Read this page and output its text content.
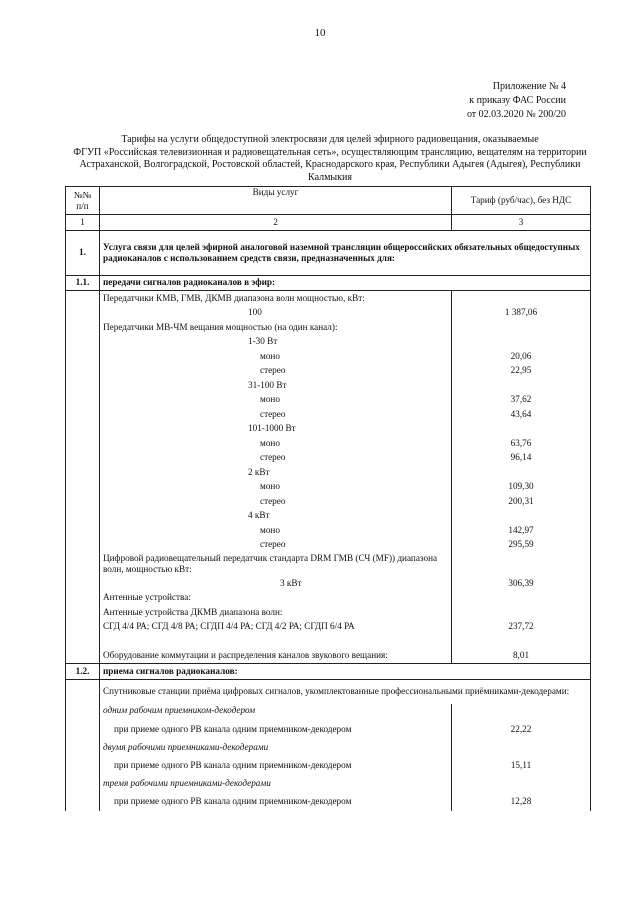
10
Приложение № 4
к приказу ФАС России
от 02.03.2020 № 200/20
Тарифы на услуги общедоступной электросвязи для целей эфирного радиовещания, оказываемые
ФГУП «Российская телевизионная и радиовещательная сеть», осуществляющим трансляцию, вещателям на территории
Астраханской, Волгоградской, Ростовской областей, Краснодарского края, Республики Адыгея (Адыгея), Республики
Калмыкия
№№ п/п	Виды услуг	Тариф (руб/час), без НДС
1	2	3
1.	Услуга связи для целей эфирной аналоговой наземной трансляции общероссийских обязательных общедоступных радиоканалов с использованием средств связи, предназначенных для:	
1.1.	передачи сигналов радиоканалов в эфир:	
	Передатчики КМВ, ГМВ, ДКМВ диапазона волн мощностью, кВт:	
	100	1 387,06
	Передатчики МВ-ЧМ вещания мощностью (на один канал):	
	1-30 Вт	
	моно	20,06
	стерео	22,95
	31-100 Вт	
	моно	37,62
	стерео	43,64
	101-1000 Вт	
	моно	63,76
	стерео	96,14
	2 кВт	
	моно	109,30
	стерео	200,31
	4 кВт	
	моно	142,97
	стерео	295,59
	Цифровой радиовещательный передатчик стандарта DRM ГМВ (СЧ (MF)) диапазона волн, мощностью кВт:	
	3 кВт	306,39
	Антенные устройства:	
	Антенные устройства ДКМВ диапазона волн:	
	СГД 4/4 РА; СГД 4/8 РА; СГДП 4/4 РА; СГД 4/2 РА; СГДП 6/4 РА	237,72

	Оборудование коммутации и распределения каналов звукового вещания:	8,01
1.2.	приема сигналов радиоканалов:	
	Спутниковые станции приёма цифровых сигналов, укомплектованные профессиональными приёмниками-декодерами:	
	одним рабочим приемником-декодером	
	при приеме одного РВ канала одним приемником-декодером	22,22
	двумя рабочими приемниками-декодерами	
	при приеме одного РВ канала одним приемником-декодером	15,11
	тремя рабочими приемниками-декодерами	
	при приеме одного РВ канала одним приемником-декодером	12,28
